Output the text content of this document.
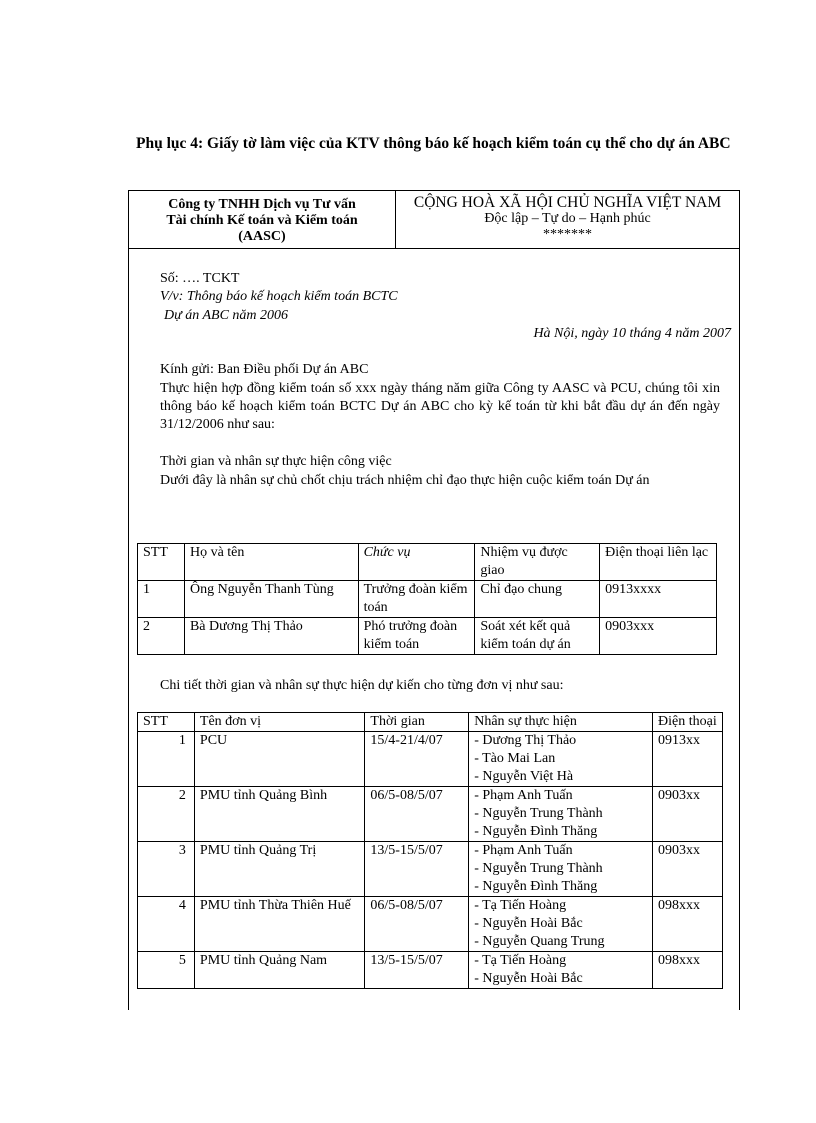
Phụ lục 4: Giấy tờ làm việc của KTV thông báo kế hoạch kiểm toán cụ thể cho dự án ABC

Công ty TNHH Dịch vụ Tư vấn
Tài chính Kế toán và Kiểm toán
(AASC)
CỘNG HOÀ XÃ HỘI CHỦ NGHĨA VIỆT NAM
Độc lập – Tự do – Hạnh phúc
*******

Số: …. TCKT

V/v: Thông báo kế hoạch kiểm toán BCTC

Dự án ABC năm 2006

Hà Nội, ngày 10 tháng 4 năm 2007

Kính gửi: Ban Điều phối Dự án ABC

Thực hiện hợp đồng kiểm toán số xxx ngày tháng năm giữa Công ty AASC và PCU, chúng tôi xin thông báo kế hoạch kiểm toán BCTC Dự án ABC cho kỳ kế toán từ khi bắt đầu dự án đến ngày 31/12/2006 như sau:

Thời gian và nhân sự thực hiện công việc

Dưới đây là nhân sự chủ chốt chịu trách nhiệm chỉ đạo thực hiện cuộc kiểm toán Dự án

STT	Họ và tên	Chức vụ	Nhiệm vụ được giao	Điện thoại liên lạc
1	Ông Nguyễn Thanh Tùng	Trưởng đoàn kiểm toán	Chỉ đạo chung	0913xxxx
2	Bà Dương Thị Thảo	Phó trưởng đoàn kiểm toán	Soát xét kết quả kiểm toán dự án	0903xxx

Chi tiết thời gian và nhân sự thực hiện dự kiến cho từng đơn vị như sau:

STT	Tên đơn vị	Thời gian	Nhân sự thực hiện	Điện thoại
1	PCU	15/4-21/4/07	- Dương Thị Thảo
- Tào Mai Lan
- Nguyễn Việt Hà	0913xx
2	PMU tỉnh Quảng Bình	06/5-08/5/07	- Phạm Anh Tuấn
- Nguyễn Trung Thành
- Nguyễn Đình Thăng	0903xx
3	PMU tỉnh Quảng Trị	13/5-15/5/07	- Phạm Anh Tuấn
- Nguyễn Trung Thành
- Nguyễn Đình Thăng	0903xx
4	PMU tỉnh Thừa Thiên Huế	06/5-08/5/07	- Tạ Tiến Hoàng
- Nguyễn Hoài Bắc
- Nguyễn Quang Trung	098xxx
5	PMU tỉnh Quảng Nam	13/5-15/5/07	- Tạ Tiến Hoàng
- Nguyễn Hoài Bắc	098xxx
